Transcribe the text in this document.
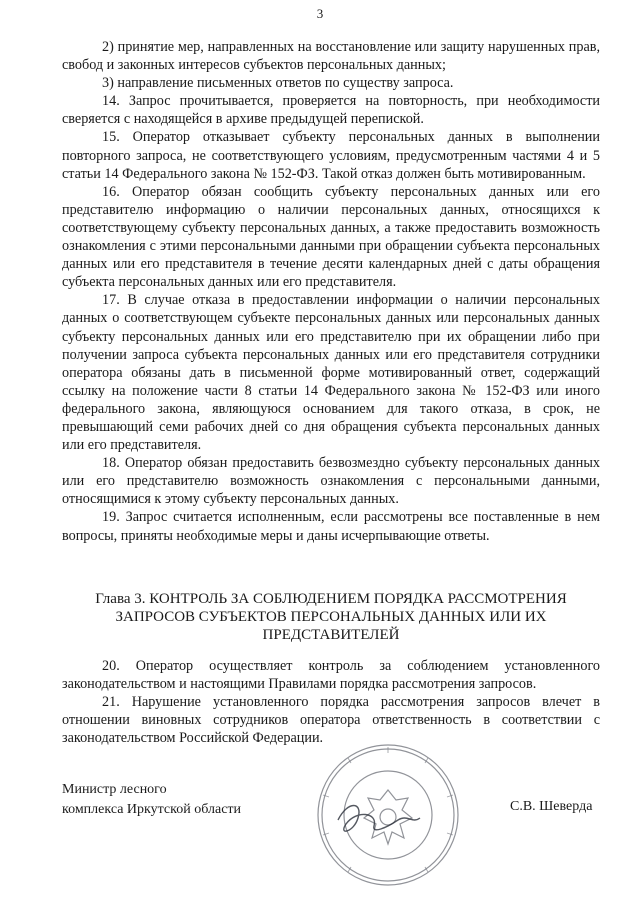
3

2) принятие мер, направленных на восстановление или защиту нарушенных прав, свобод и законных интересов субъектов персональных данных;

3) направление письменных ответов по существу запроса.

14. Запрос прочитывается, проверяется на повторность, при необходимости сверяется с находящейся в архиве предыдущей перепиской.

15. Оператор отказывает субъекту персональных данных в выполнении повторного запроса, не соответствующего условиям, предусмотренным частями 4 и 5 статьи 14 Федерального закона № 152-ФЗ. Такой отказ должен быть мотивированным.

16. Оператор обязан сообщить субъекту персональных данных или его представителю информацию о наличии персональных данных, относящихся к соответствующему субъекту персональных данных, а также предоставить возможность ознакомления с этими персональными данными при обращении субъекта персональных данных или его представителя в течение десяти календарных дней с даты обращения субъекта персональных данных или его представителя.

17. В случае отказа в предоставлении информации о наличии персональных данных о соответствующем субъекте персональных данных или персональных данных субъекту персональных данных или его представителю при их обращении либо при получении запроса субъекта персональных данных или его представителя сотрудники оператора обязаны дать в письменной форме мотивированный ответ, содержащий ссылку на положение части 8 статьи 14 Федерального закона № 152-ФЗ или иного федерального закона, являющуюся основанием для такого отказа, в срок, не превышающий семи рабочих дней со дня обращения субъекта персональных данных или его представителя.

18. Оператор обязан предоставить безвозмездно субъекту персональных данных или его представителю возможность ознакомления с персональными данными, относящимися к этому субъекту персональных данных.

19. Запрос считается исполненным, если рассмотрены все поставленные в нем вопросы, приняты необходимые меры и даны исчерпывающие ответы.

Глава 3. КОНТРОЛЬ ЗА СОБЛЮДЕНИЕМ ПОРЯДКА РАССМОТРЕНИЯ ЗАПРОСОВ СУБЪЕКТОВ ПЕРСОНАЛЬНЫХ ДАННЫХ ИЛИ ИХ ПРЕДСТАВИТЕЛЕЙ

20. Оператор осуществляет контроль за соблюдением установленного законодательством и настоящими Правилами порядка рассмотрения запросов.

21. Нарушение установленного порядка рассмотрения запросов влечет в отношении виновных сотрудников оператора ответственность в соответствии с законодательством Российской Федерации.

Министр лесного
комплекса Иркутской области	С.В. Шеверда
